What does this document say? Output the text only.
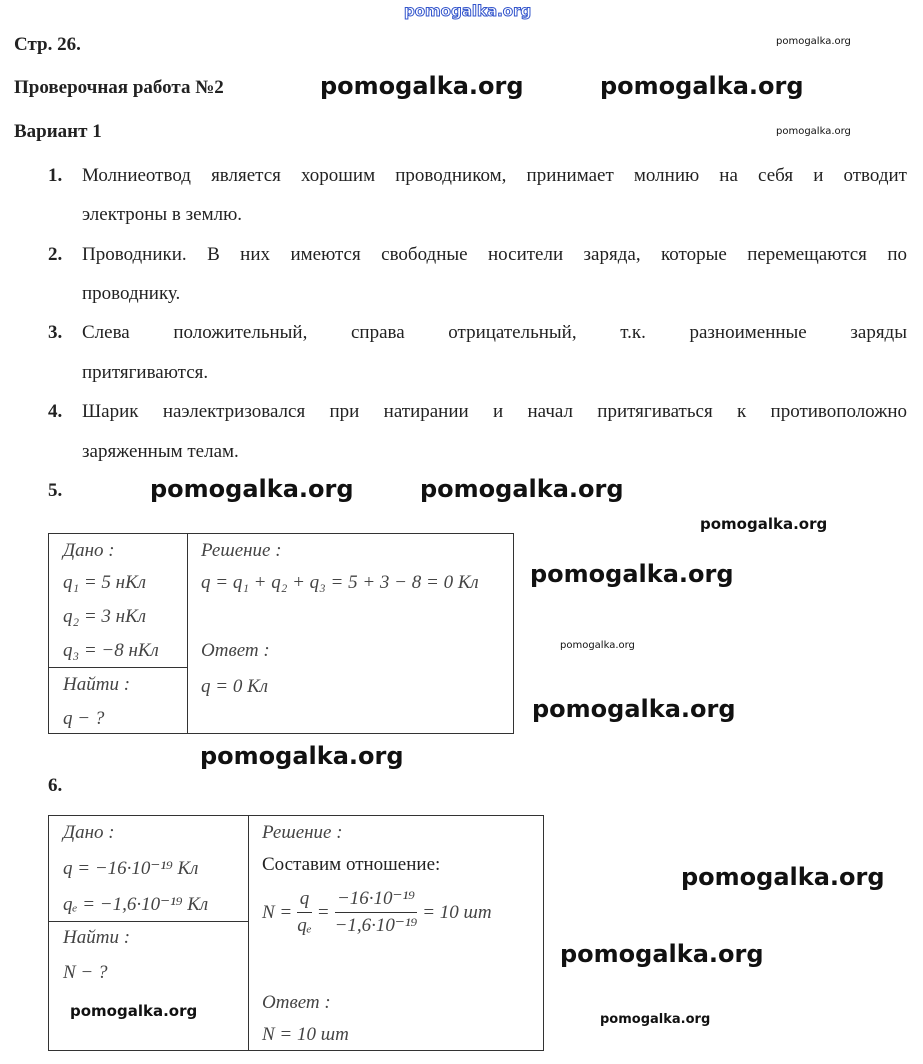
pomogalka.org
Стр. 26.
Проверочная работа №2
Вариант 1
1. Молниеотвод является хорошим проводником, принимает молнию на себя и отводит
электроны в землю.
2. Проводники. В них имеются свободные носители заряда, которые перемещаются по
проводнику.
3. Слева положительный, справа отрицательный, т.к. разноименные заряды
притягиваются.
4. Шарик наэлектризовался при натирании и начал притягиваться к противоположно
заряженным телам.
5.
Дано :
q₁ = 5 нКл
q₂ = 3 нКл
q₃ = −8 нКл
Найти :
q − ?
Решение :
q = q₁ + q₂ + q₃ = 5 + 3 − 8 = 0 Кл
Ответ :
q = 0 Кл
6.
Дано :
q = −16·10⁻¹⁹ Кл
qₑ = −1,6·10⁻¹⁹ Кл
Найти :
N − ?
Решение :
Составим отношение:
$N = \frac{q}{\text{qₑ}} = \frac{\text{−16·10⁻¹⁹}}{\text{−1,6·10⁻¹⁹}} = 10$ шт
Ответ :
N = 10 шт
pomogalka.org	pomogalka.org
pomogalka.org	pomogalka.org
pomogalka.org
pomogalka.org
pomogalka.org
pomogalka.org
pomogalka.org
pomogalka.org
pomogalka.org
pomogalka.org
pomogalka.org
pomogalka.org
pomogalka.org
